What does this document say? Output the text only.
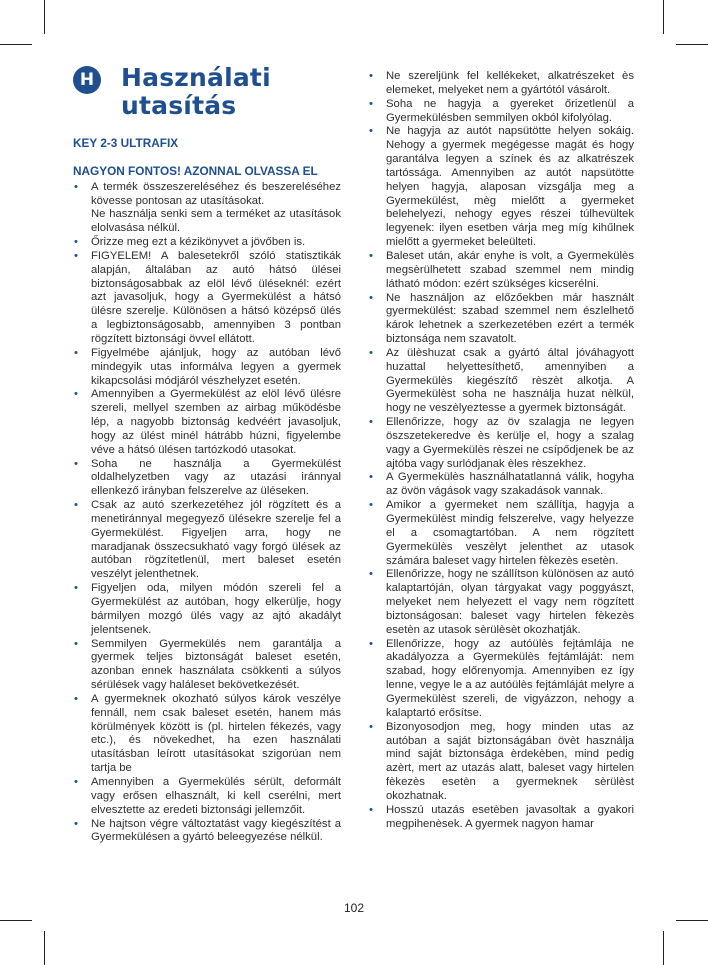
H Használati utasítás

KEY 2-3 ULTRAFIX

NAGYON FONTOS! AZONNAL OLVASSA EL

• A termék összeszereléséhez és beszereléséhez kövesse pontosan az utasításokat.
Ne használja senki sem a terméket az utasítások elolvasása nélkül.
• Őrizze meg ezt a kézikönyvet a jövőben is.
• FIGYELEM! A balesetekről szóló statisztikák alapján, általában az autó hátsó ülései biztonságosabbak az elöl lévő üléseknél: ezért azt javasoljuk, hogy a Gyermekülést a hátsó ülésre szerelje. Különösen a hátsó középső ülés a legbiztonságosabb, amennyiben 3 pontban rögzített biztonsági övvel ellátott.
• Figyelmébe ajánljuk, hogy az autóban lévő mindegyik utas informálva legyen a gyermek kikapcsolási módjáról vészhelyzet esetén.
• Amennyiben a Gyermekülést az elöl lévő ülésre szereli, mellyel szemben az airbag működésbe lép, a nagyobb biztonság kedvéért javasoljuk, hogy az ülést minél hátrább húzni, figyelembe véve a hátsó ülésen tartózkodó utasokat.
• Soha ne használja a Gyermekülést oldalhelyzetben vagy az utazási iránnyal ellenkező irányban felszerelve az üléseken.
• Csak az autó szerkezetéhez jól rögzített és a menetiránnyal megegyező ülésekre szerelje fel a Gyermekülést. Figyeljen arra, hogy ne maradjanak összecsukható vagy forgó ülések az autóban rögzítetlenül, mert baleset esetén veszélyt jelenthetnek.
• Figyeljen oda, milyen módón szereli fel a Gyermekülést az autóban, hogy elkerülje, hogy bármilyen mozgó ülés vagy az ajtó akadályt jelentsenek.
• Semmilyen Gyermekülés nem garantálja a gyermek teljes biztonságát baleset esetén, azonban ennek használata csökkenti a súlyos sérülések vagy haláleset bekövetkezését.
• A gyermeknek okozható súlyos károk veszélye fennáll, nem csak baleset esetén, hanem más körülmények között is (pl. hirtelen fékezés, vagy etc.), és növekedhet, ha ezen használati utasításban leírott utasításokat szigorúan nem tartja be
• Amennyiben a Gyermekülés sérült, deformált vagy erősen elhasznált, ki kell cserélni, mert elvesztette az eredeti biztonsági jellemzőit.
• Ne hajtson végre változtatást vagy kiegészítést a Gyermekülésen a gyártó beleegyezése nélkül.
• Ne szereljünk fel kellékeket, alkatrészeket ès elemeket, melyeket nem a gyártótól vásárolt.
• Soha ne hagyja a gyereket őrizetlenül a Gyermekülésben semmilyen okból kifolyólag.
• Ne hagyja az autót napsütötte helyen sokáig. Nehogy a gyermek megégesse magát és hogy garantálva legyen a színek és az alkatrészek tartóssága. Amennyiben az autót napsütötte helyen hagyja, alaposan vizsgálja meg a Gyermekülést, mèg mielőtt a gyermeket belehelyezi, nehogy egyes részei túlhevültek legyenek: ilyen esetben várja meg míg kihűlnek mielőtt a gyermeket beleülteti.
• Baleset után, akár enyhe is volt, a Gyermekülès megsèrülhetett szabad szemmel nem mindig látható módon: ezért szükséges kicserélni.
• Ne használjon az előzőekben már használt gyermekülést: szabad szemmel nem észlelhető károk lehetnek a szerkezetében ezért a termék biztonsága nem szavatolt.
• Az ülèshuzat csak a gyártó által jóváhagyott huzattal helyettesíthető, amennyiben a Gyermekülès kiegészítő rèszèt alkotja. A Gyermekülèst soha ne használja huzat nèlkül, hogy ne veszèlyeztesse a gyermek biztonságát.
• Ellenőrizze, hogy az öv szalagja ne legyen öszszetekeredve ès kerülje el, hogy a szalag vagy a Gyermekülès rèszei ne csípődjenek be az ajtóba vagy surlódjanak èles rèszekhez.
• A Gyermekülès használhatatlanná válik, hogyha az övön vágások vagy szakadások vannak.
• Amikor a gyermeket nem szállítja, hagyja a Gyermekülèst mindig felszerelve, vagy helyezze el a csomagtartóban. A nem rögzített Gyermekülès veszèlyt jelenthet az utasok számára baleset vagy hirtelen fèkezès esetèn.
• Ellenőrizze, hogy ne szállítson különösen az autó kalaptartóján, olyan tárgyakat vagy poggyászt, melyeket nem helyezett el vagy nem rögzített biztonságosan: baleset vagy hirtelen fèkezès esetèn az utasok sèrülèsèt okozhatják.
• Ellenőrizze, hogy az autóülès fejtámlája ne akadályozza a Gyermekülès fejtámláját: nem szabad, hogy előrenyomja. Amennyiben ez így lenne, vegye le a az autóülès fejtámláját melyre a Gyermekülèst szereli, de vigyázzon, nehogy a kalaptartó erősítse.
• Bizonyosodjon meg, hogy minden utas az autóban a saját biztonságában övèt használja mind saját biztonsága èrdekèben, mind pedig azèrt, mert az utazás alatt, baleset vagy hirtelen fèkezès esetèn a gyermeknek sèrülèst okozhatnak.
• Hosszú utazás esetèben javasoltak a gyakori megpihenèsek. A gyermek nagyon hamar
102
